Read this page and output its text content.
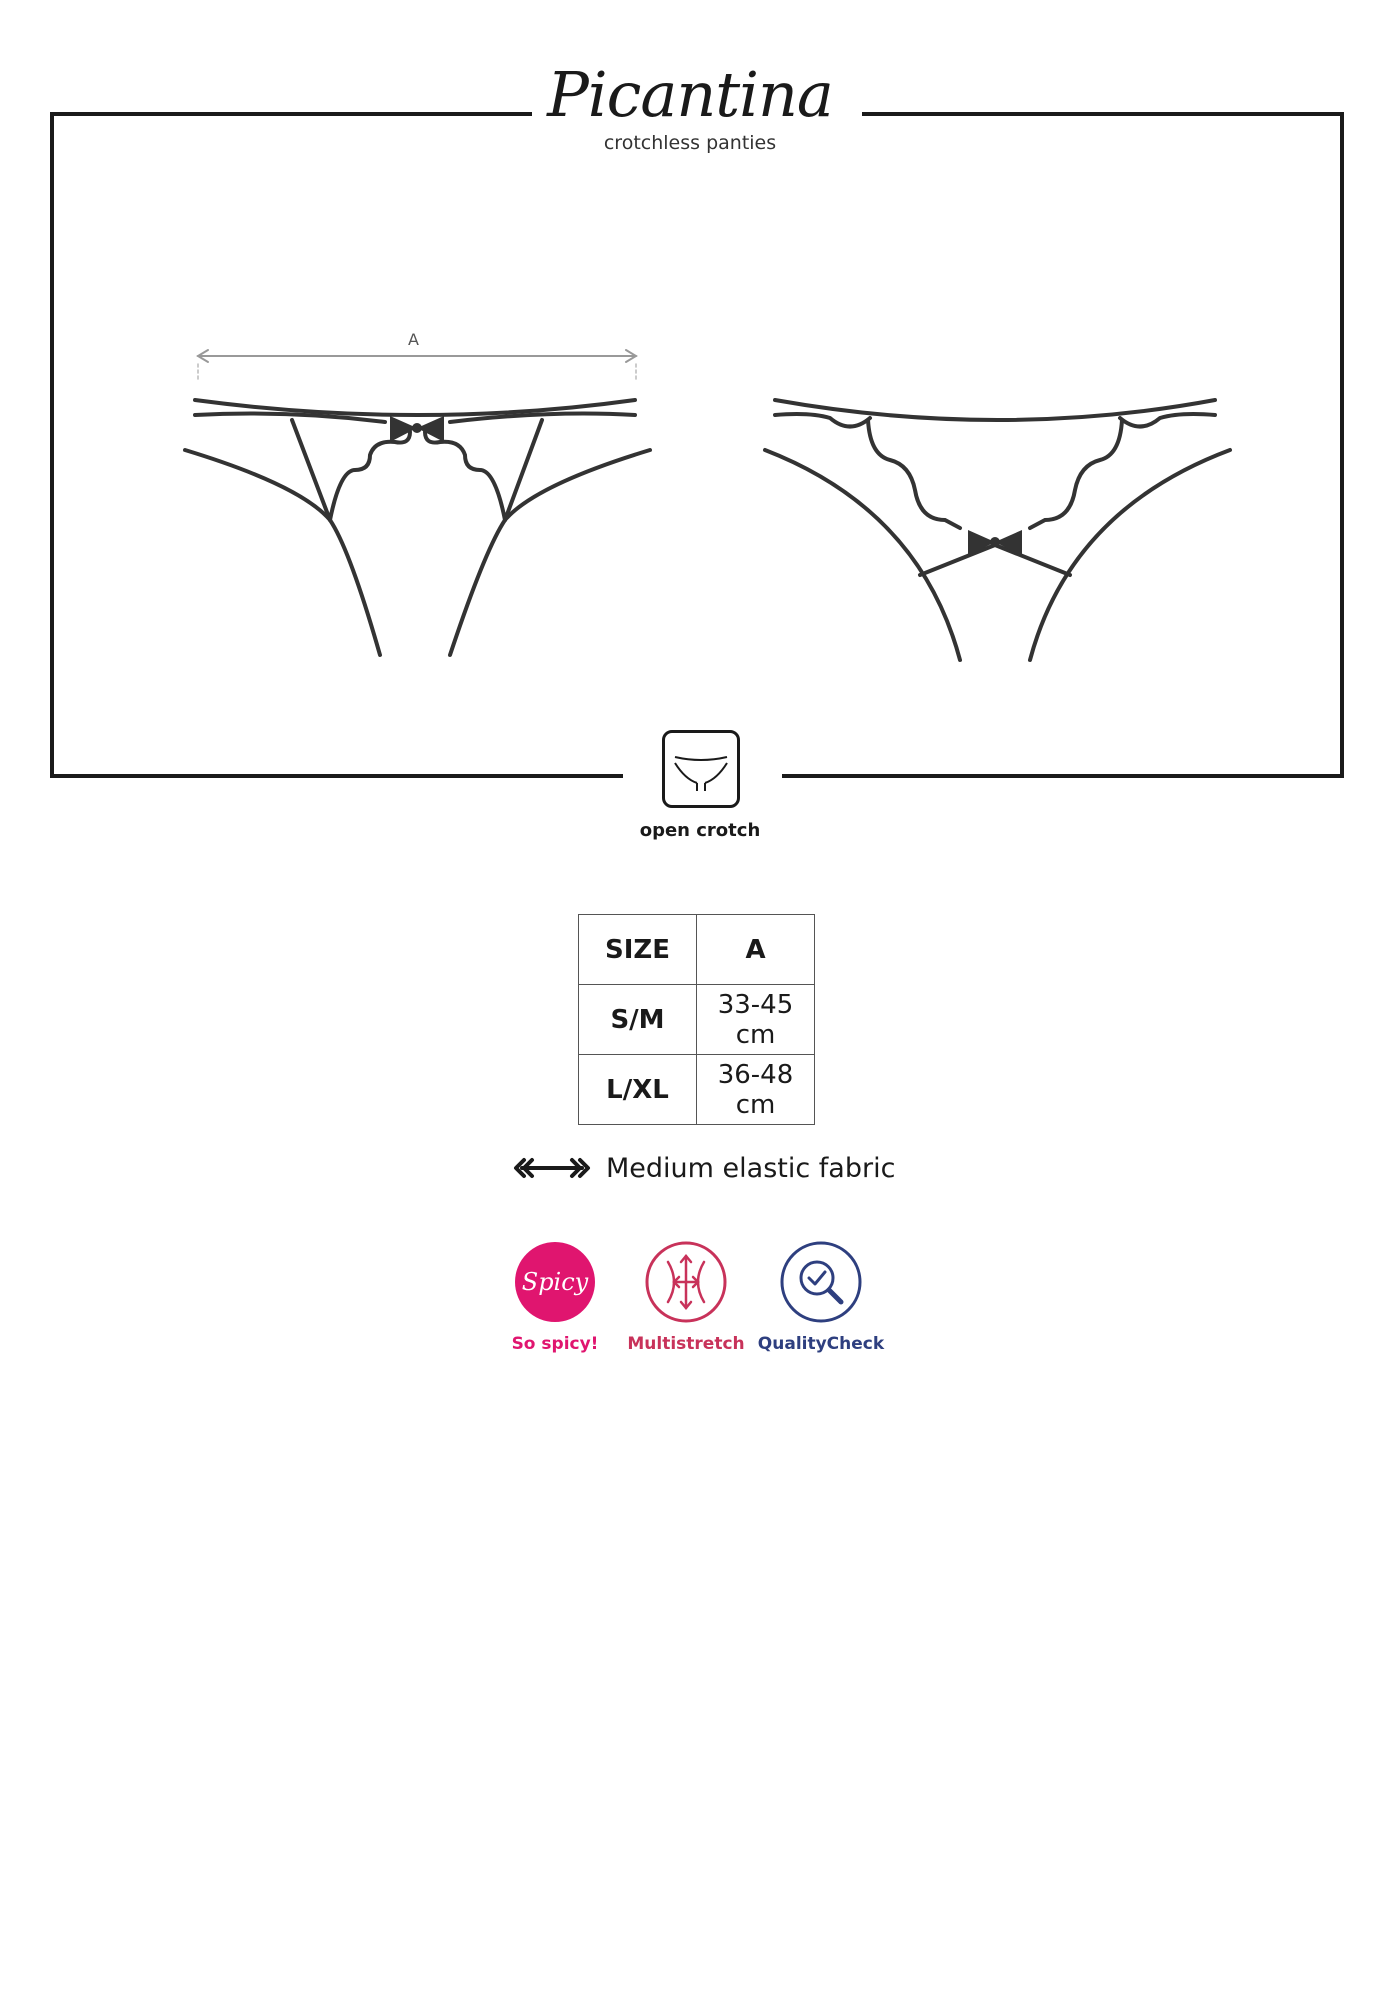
Picantina
crotchless panties
A
open crotch
SIZE	A
S/M	33-45 cm
L/XL	36-48 cm
Medium elastic fabric
Spicy
So spicy!	Multistretch QualityCheck
